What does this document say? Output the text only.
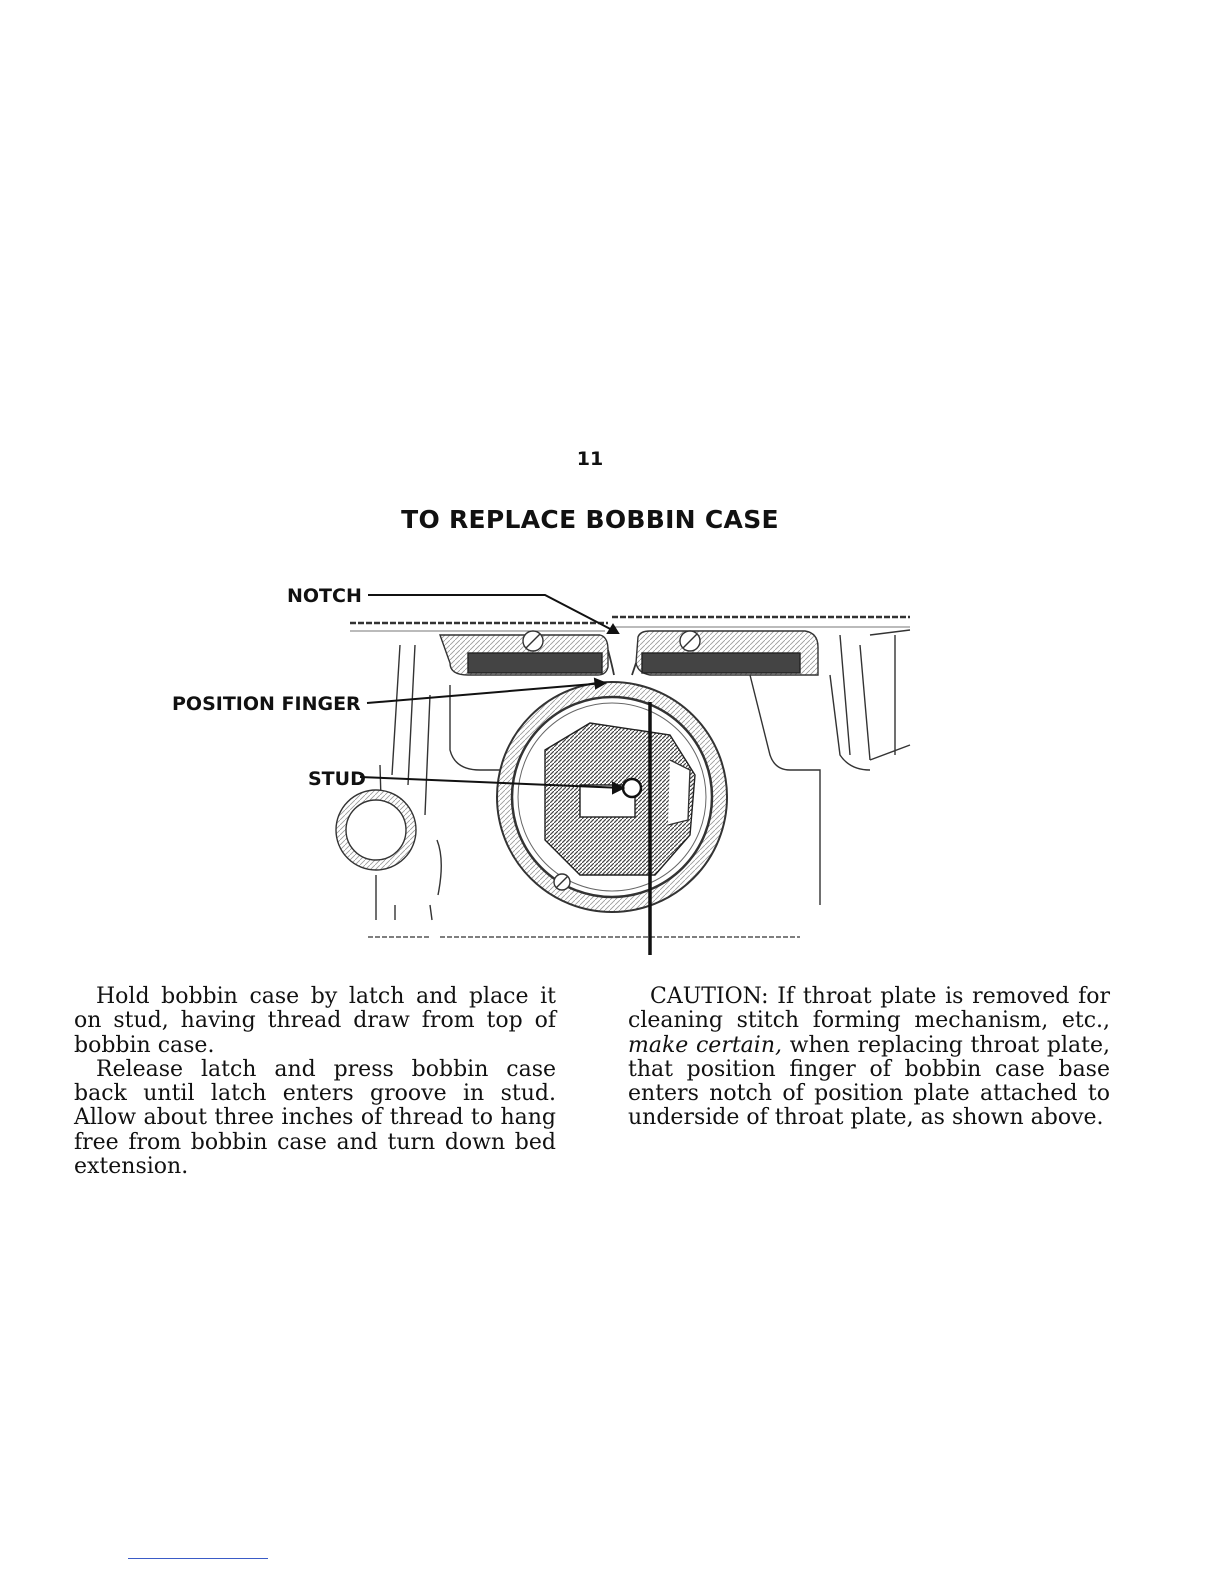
11
TO REPLACE BOBBIN CASE
NOTCH
POSITION FINGER
STUD

Hold bobbin case by latch and place it on stud, having thread draw from top of bobbin case.

Release latch and press bobbin case back until latch enters groove in stud. Allow about three inches of thread to hang free from bobbin case and turn down bed extension.

CAUTION: If throat plate is removed for cleaning stitch forming mechanism, etc., make certain, when replacing throat plate, that position finger of bobbin case base enters notch of position plate attached to underside of throat plate, as shown above.
